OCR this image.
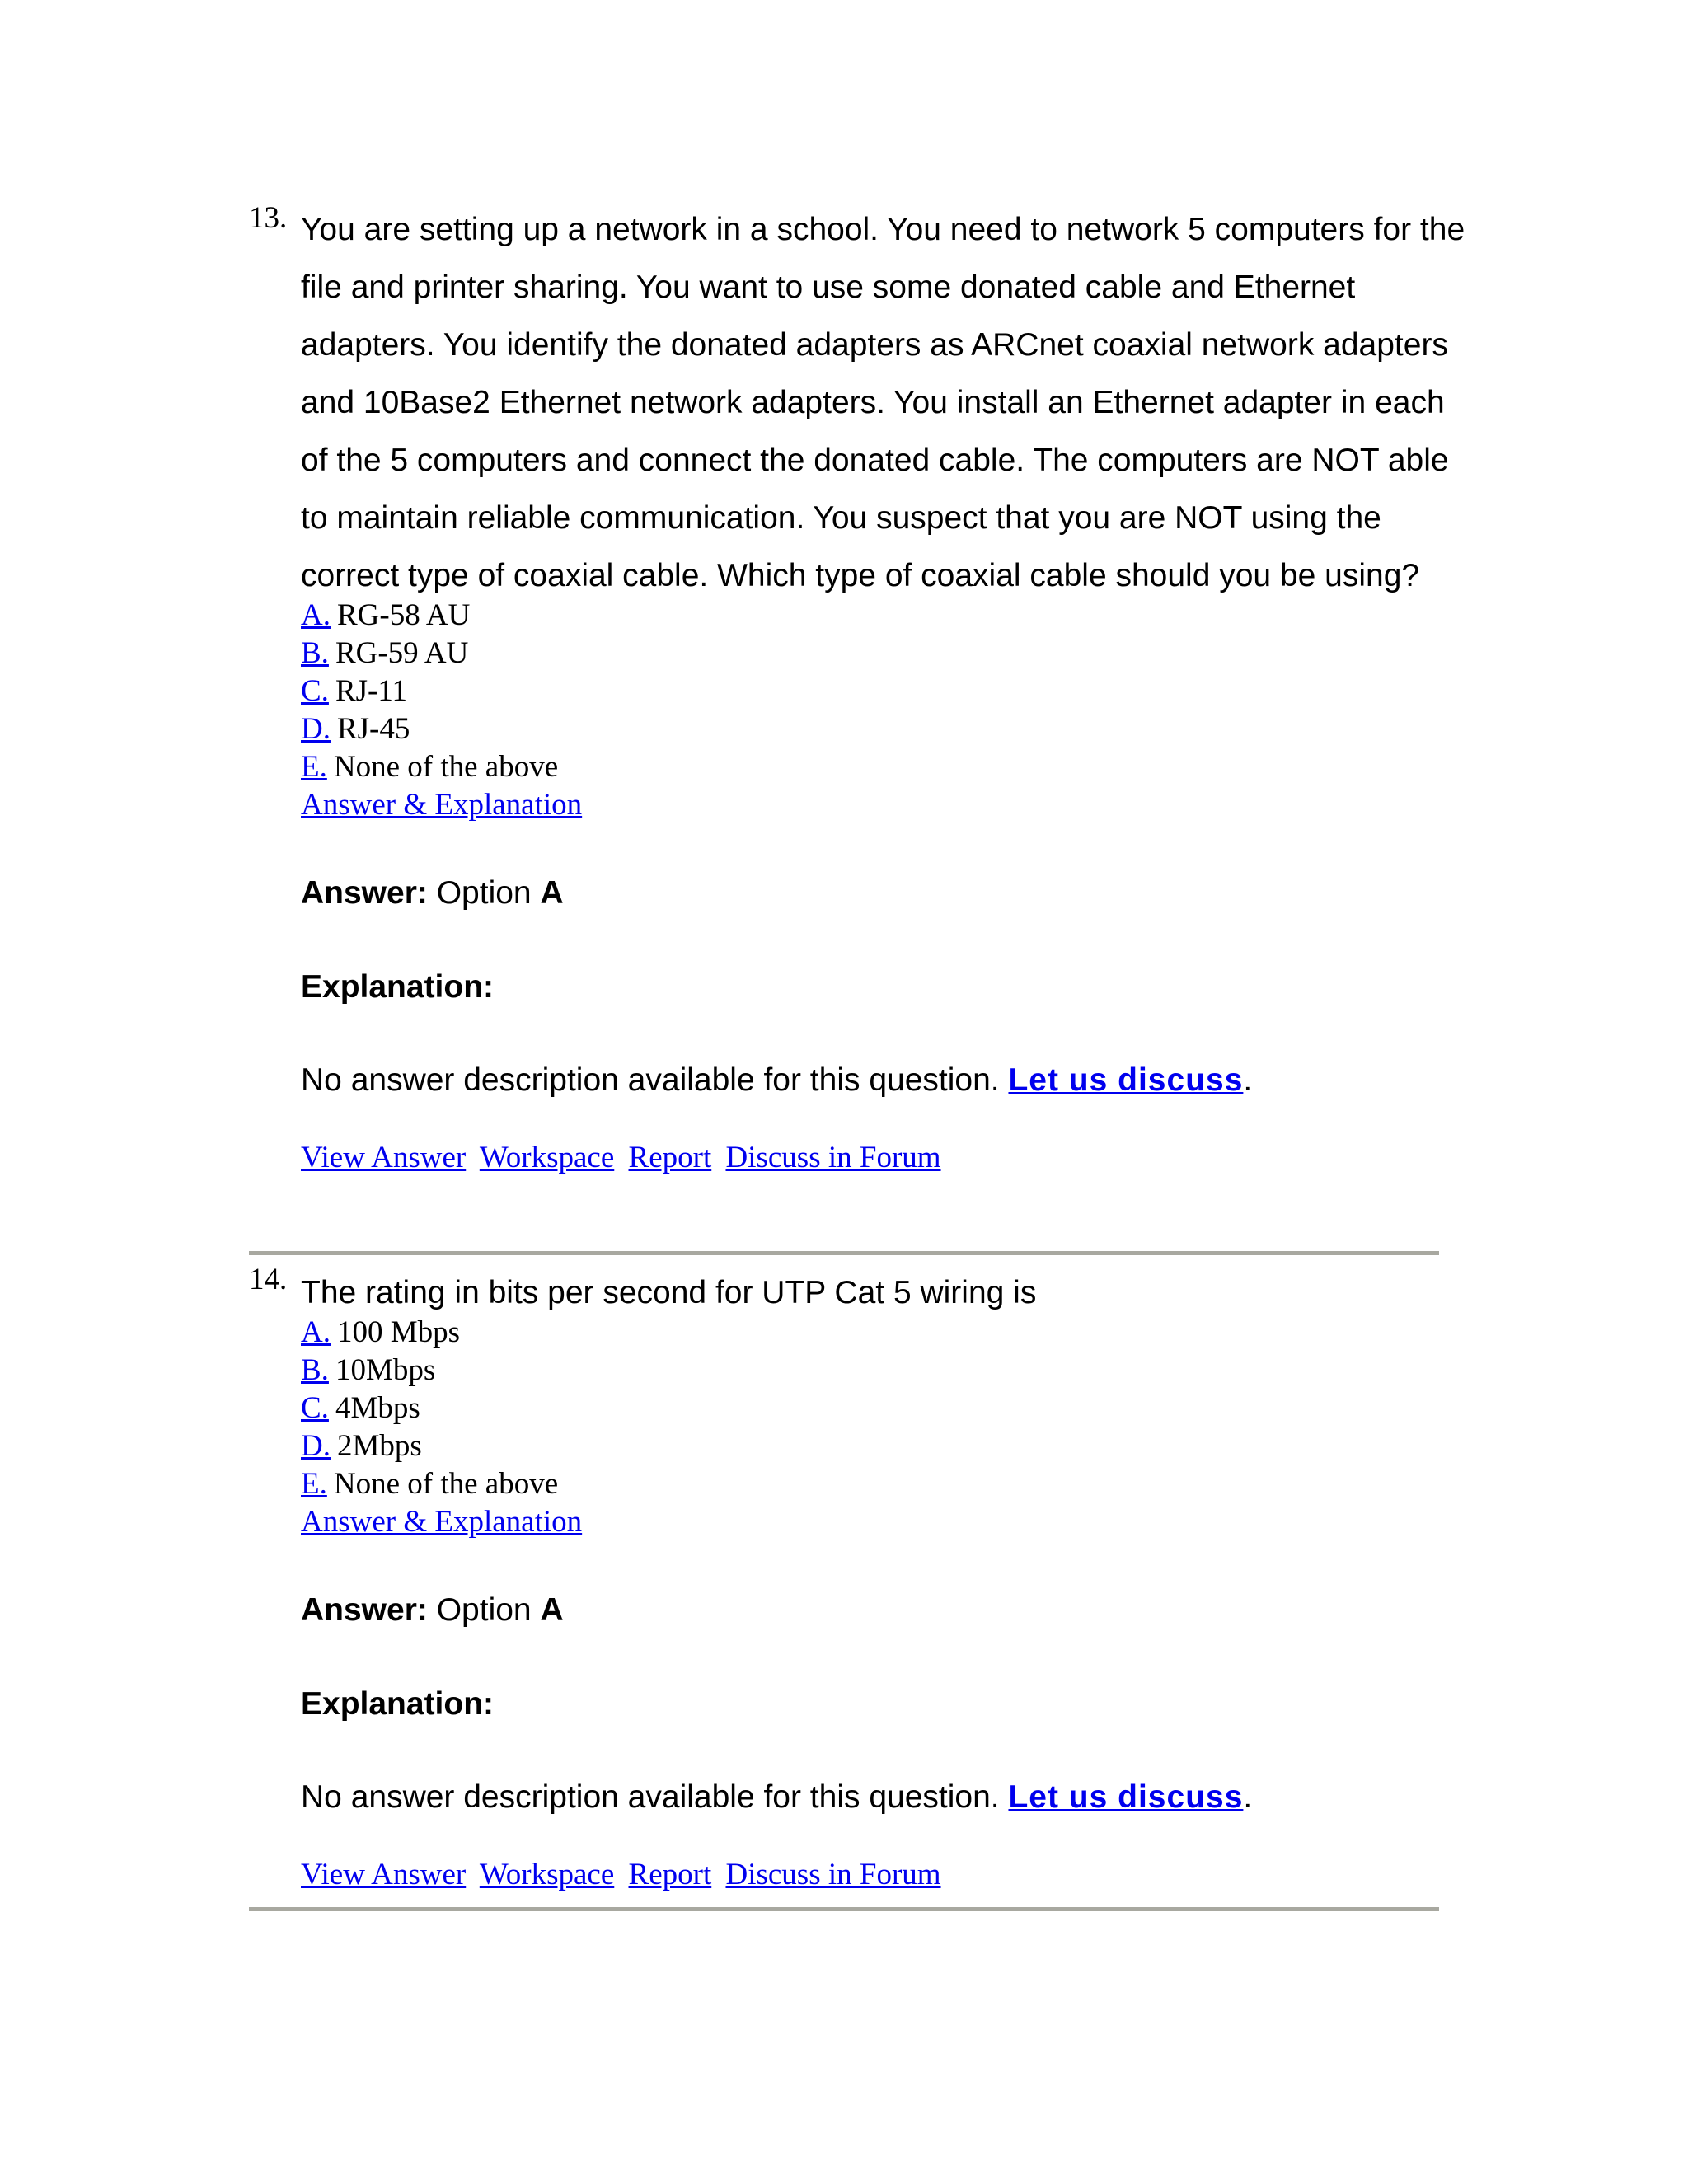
13. You are setting up a network in a school. You need to network 5 computers for the file and printer sharing. You want to use some donated cable and Ethernet adapters. You identify the donated adapters as ARCnet coaxial network adapters and 10Base2 Ethernet network adapters. You install an Ethernet adapter in each of the 5 computers and connect the donated cable. The computers are NOT able to maintain reliable communication. You suspect that you are NOT using the correct type of coaxial cable. Which type of coaxial cable should you be using?

A. RG-58 AU
B. RG-59 AU
C. RJ-11
D. RJ-45
E. None of the above
Answer & Explanation

Answer: Option A

Explanation:

No answer description available for this question. Let us discuss.

View Answer Workspace Report Discuss in Forum
14. The rating in bits per second for UTP Cat 5 wiring is

A. 100 Mbps
B. 10Mbps
C. 4Mbps
D. 2Mbps
E. None of the above
Answer & Explanation

Answer: Option A

Explanation:

No answer description available for this question. Let us discuss.

View Answer Workspace Report Discuss in Forum
